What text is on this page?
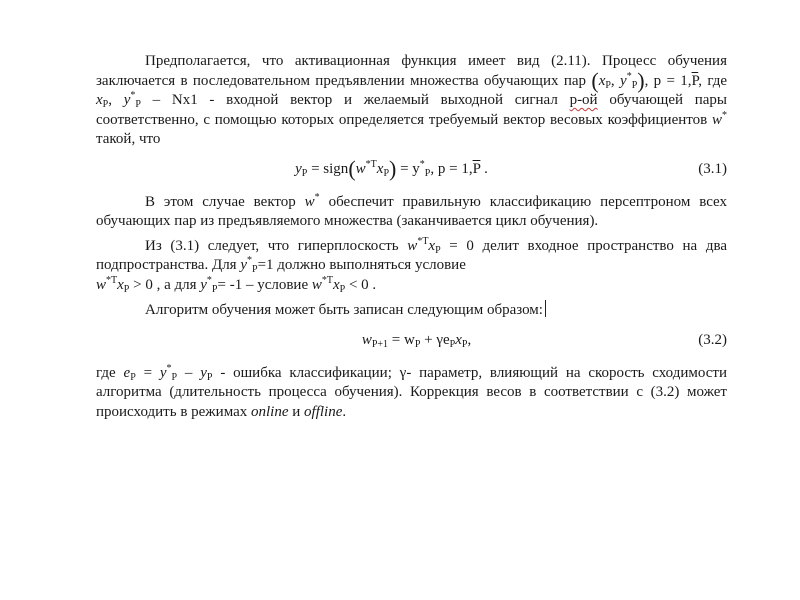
Предполагается, что активационная функция имеет вид (2.11). Процесс обучения заключается в последовательном предъявлении множества обучающих пар ($x_P$, $y^*_P$), $p = 1,\overline{P}$, где $x_P$, $y^*_P - Nx1$ - входной вектор и желаемый выходной сигнал p-ой обучающей пары соответственно, с помощью которых определяется требуемый вектор весовых коэффициентов w* такой, что

$y_P$ = $sign(w^{*T}x_P) = y^*_P$, $p = 1,\overline{P}$ .	(3.1)

В этом случае вектор w* обеспечит правильную классификацию персептроном всех обучающих пар из предъявляемого множества (заканчивается цикл обучения).

Из (3.1) следует, что гиперплоскость $w^{*T}x_P = 0$ делит входное пространство на два подпространства. Для $y^*_P=1$ должно выполняться условие
$w^{*T}x_P > 0$ , а для $y^*_P= -1$ – условие $w^{*T}x_P < 0$ .

Алгоритм обучения может быть записан следующим образом:

$w_{P+1} = w_P + \gamma e_Px_P$,	(3.2)

где $e_P = y^*_P - y_P$ - ошибка классификации; γ- параметр, влияющий на скорость сходимости алгоритма (длительность процесса обучения). Коррекция весов в соответствии с (3.2) может происходить в режимах online и offline.
